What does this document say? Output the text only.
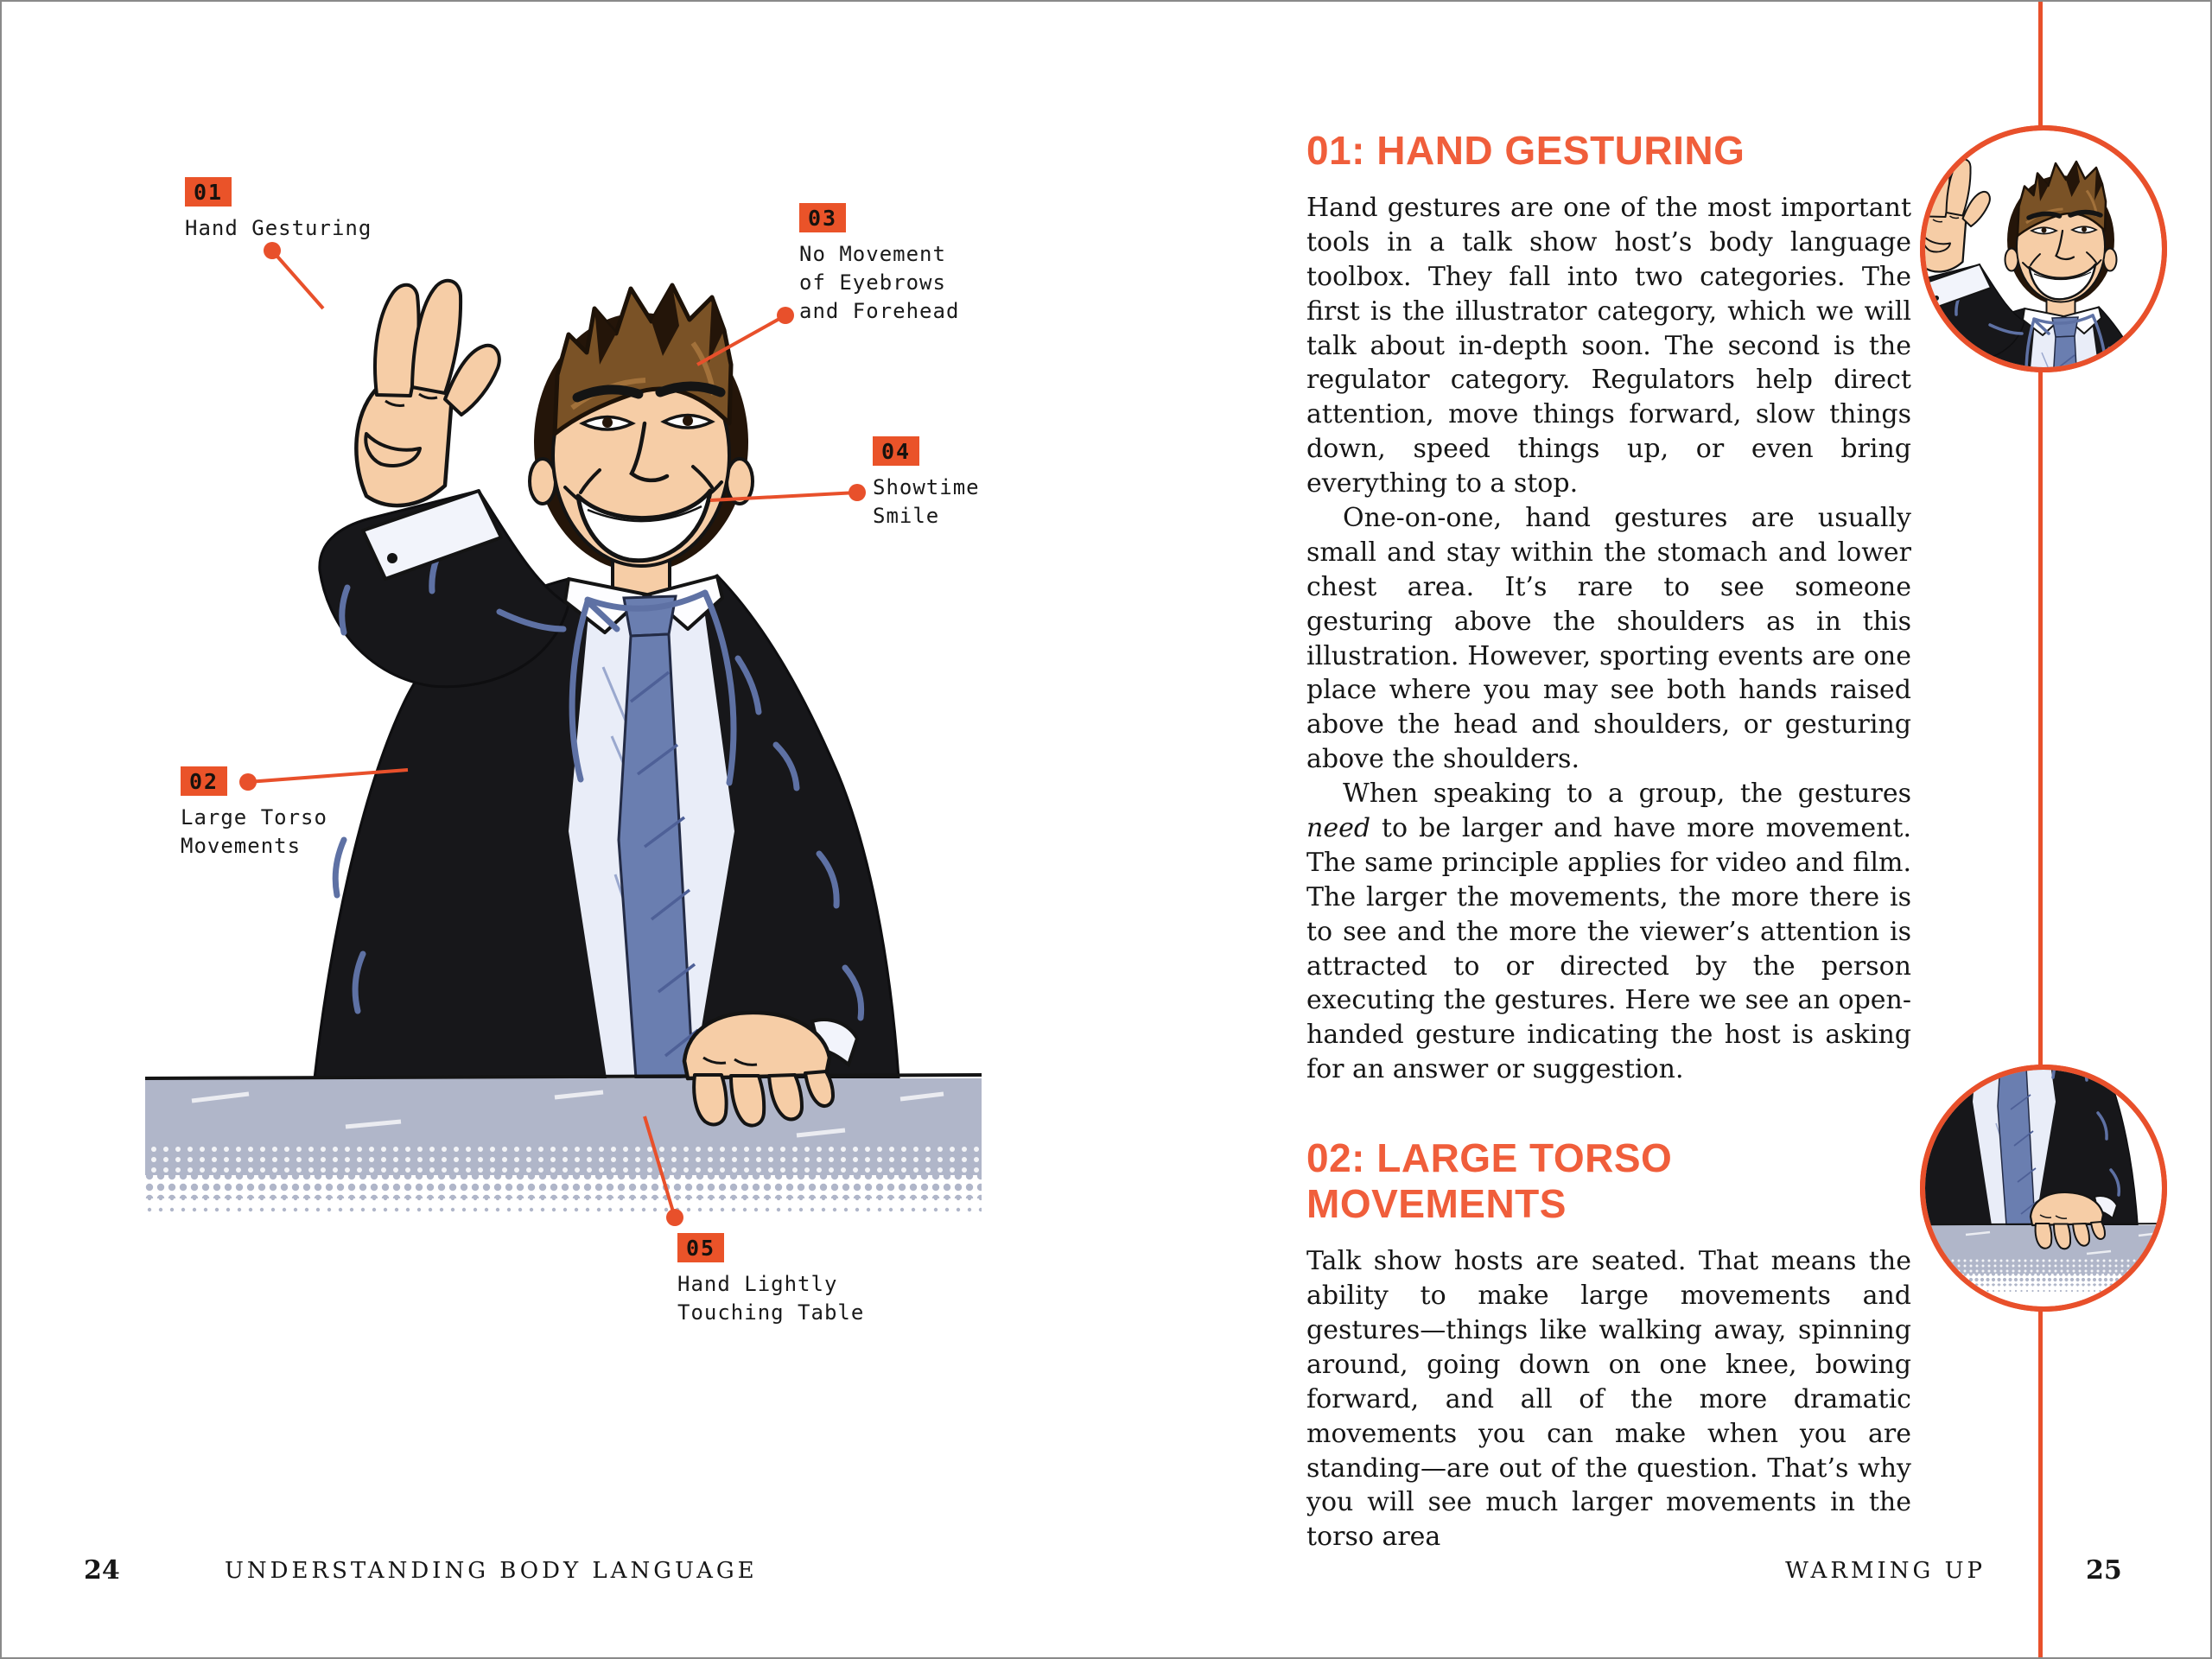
01
Hand Gesturing	03
No Movement
of Eyebrows
and Forehead
04
Showtime
Smile
02
Large Torso
Movements
05
Hand Lightly
Touching Table
01: HAND GESTURING

Hand gestures are one of the most important tools in a talk show host’s body language toolbox. They fall into two categories. The first is the illustrator category, which we will talk about in-depth soon. The second is the regulator category. Regulators help direct attention, move things forward, slow things down, speed things up, or even bring everything to a stop.

One-on-one, hand gestures are usually small and stay within the stomach and lower chest area. It’s rare to see someone gesturing above the shoulders as in this illustration. However, sporting events are one place where you may see both hands raised above the head and shoulders, or gesturing above the shoulders.

When speaking to a group, the gestures need to be larger and have more movement. The same principle applies for video and film. The larger the movements, the more there is to see and the more the viewer’s attention is attracted to or directed by the person executing the gestures. Here we see an open-handed gesture indicating the host is asking for an answer or suggestion.

02: LARGE TORSO
MOVEMENTS

Talk show hosts are seated. That means the ability to make large movements and gestures—things like walking away, spinning around, going down on one knee, bowing forward, and all of the more dramatic movements you can make when you are standing—are out of the question. That’s why you will see much larger movements in the torso area

24	UNDERSTANDING BODY LANGUAGE	WARMING UP	25
